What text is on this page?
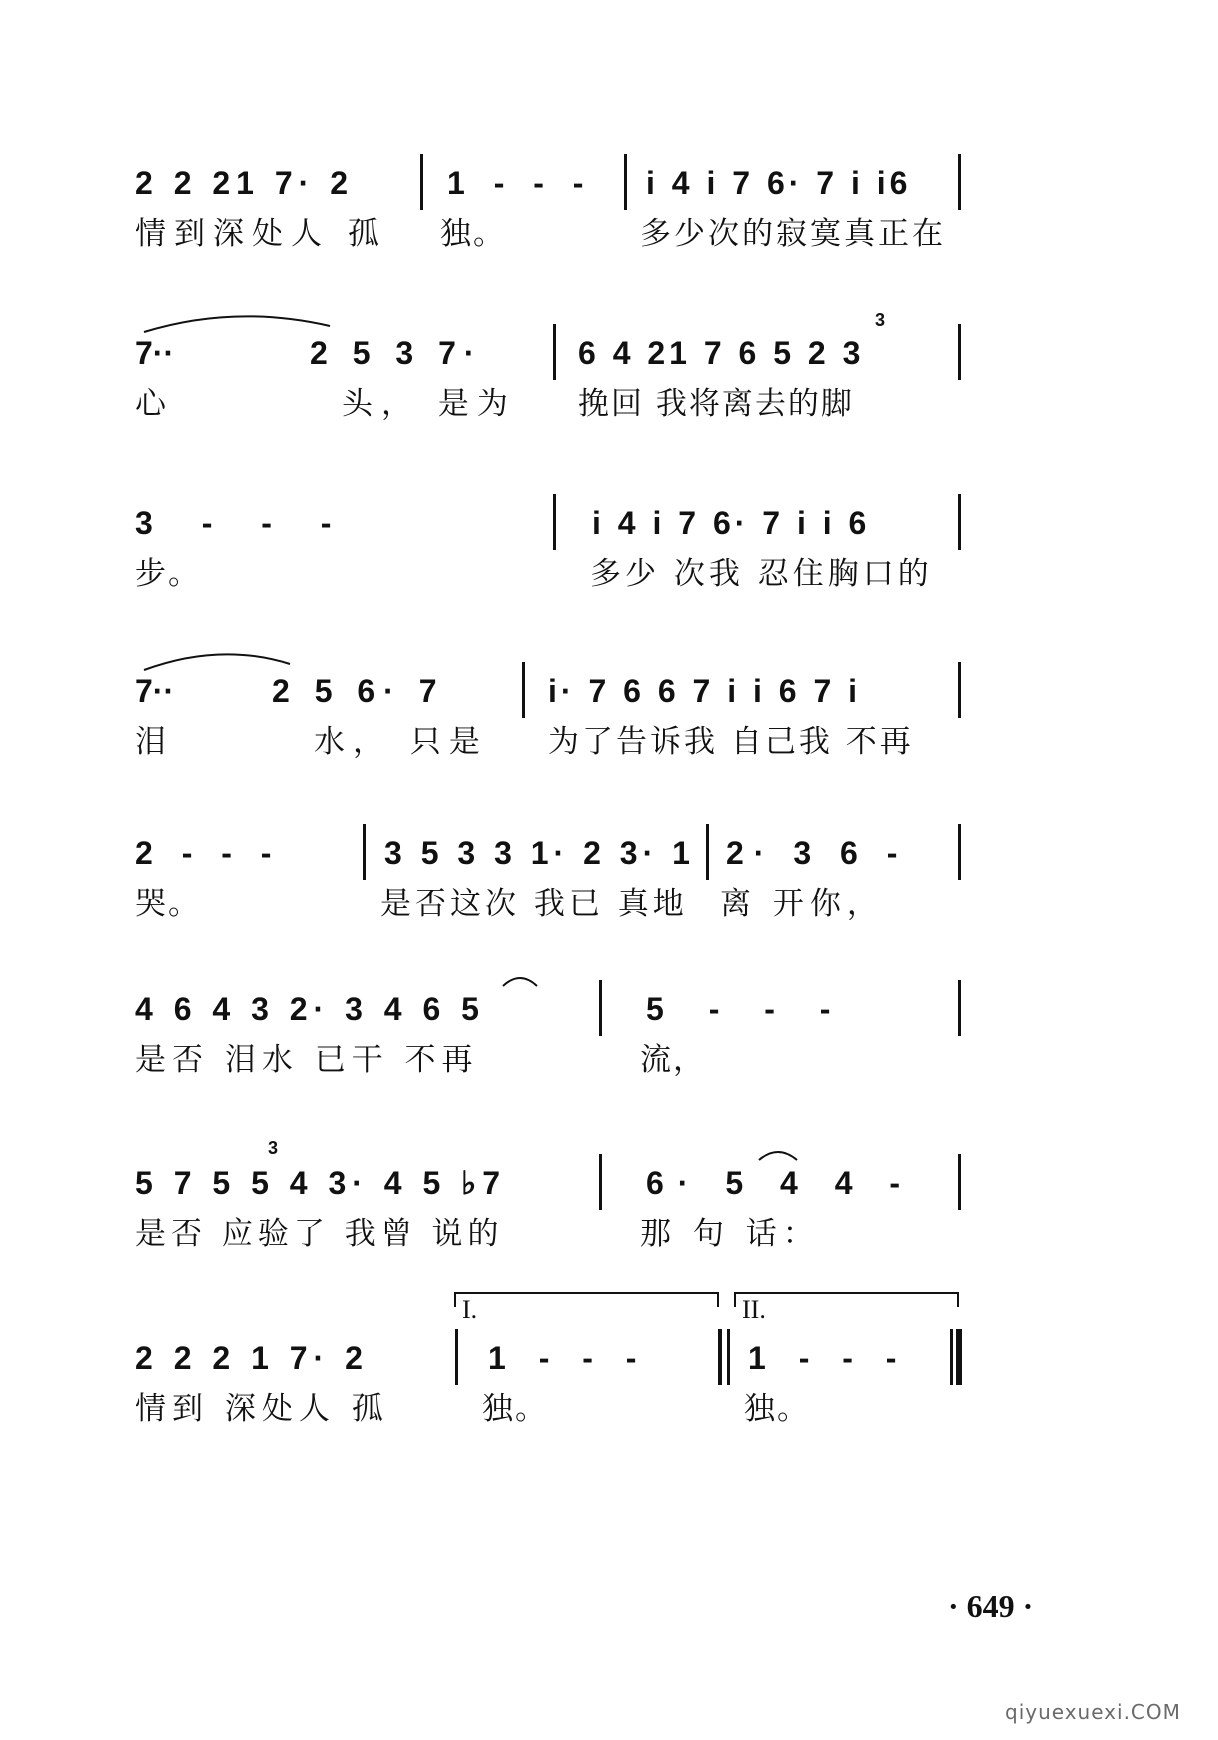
2 2 21 7· 2	1 - - - i 4 i 7 6· 7 i i6
情到深处人 孤 独。	多少次的寂寞真正在
7··	2 5 3 7·
3
6 4 21 7 6 5 2 3
心	头， 是为 挽回 我将离去的脚
3 - - -	i 4 i 7 6· 7 i i 6
步。	多少 次我 忍住胸口的
7··	2 5 6· 7	i· 7 6 6 7 i i 6 7 i
泪	水， 只是 为了告诉我 自己我 不再
2 - - -	3 5 3 3 1· 2 3· 1 2· 3 6 -
哭。	是否这次 我已 真地 离 开你，
4 6 4 3 2· 3 4 6 5	5 - - -
是否 泪水 已干 不再	流，
3
5 7 5 5 4 3· 4 5 ♭7	6· 5 4 4 -
是否 应验了 我曾 说的	那 句 话：
I.	II.
2 2 2 1 7· 2	1 - - -	1 - - -
情到 深处人 孤	独。	独。
· 649 ·
qiyuexuexi.COM
